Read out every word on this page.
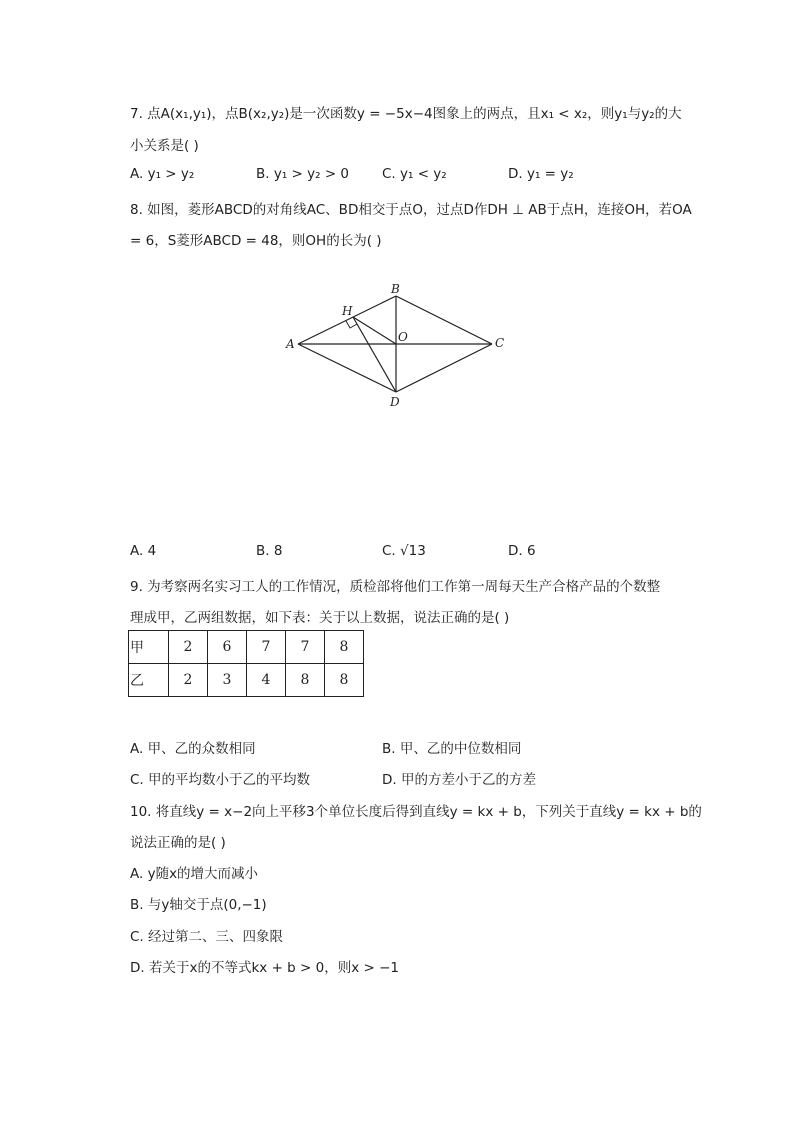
7. 点A(x₁,y₁)，点B(x₂,y₂)是一次函数y = −5x−4图象上的两点，且x₁ < x₂，则y₁与y₂的大
小关系是( )
A. y₁ > y₂	B. y₁ > y₂ > 0 C. y₁ < y₂	D. y₁ = y₂
8. 如图，菱形ABCD的对角线AC、BD相交于点O，过点D作DH ⊥ AB于点H，连接OH，若OA
= 6，S菱形ABCD = 48，则OH的长为( )
A
B
C
D
O
H
A. 4	B. 8	C. √13	D. 6
9. 为考察两名实习工人的工作情况，质检部将他们工作第一周每天生产合格产品的个数整
理成甲，乙两组数据，如下表：关于以上数据，说法正确的是( )
甲	2	6	7	7	8
乙	2	3	4	8	8
A. 甲、乙的众数相同	B. 甲、乙的中位数相同
C. 甲的平均数小于乙的平均数	D. 甲的方差小于乙的方差
10. 将直线y = x−2向上平移3个单位长度后得到直线y = kx + b，下列关于直线y = kx + b的
说法正确的是( )
A. y随x的增大而减小
B. 与y轴交于点(0,−1)
C. 经过第二、三、四象限
D. 若关于x的不等式kx + b > 0，则x > −1
